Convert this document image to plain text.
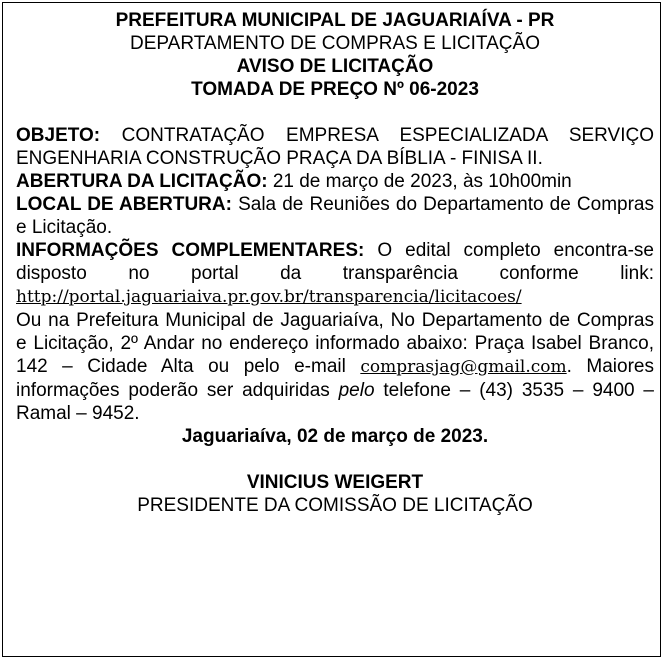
PREFEITURA MUNICIPAL DE JAGUARIAÍVA - PR

DEPARTAMENTO DE COMPRAS E LICITAÇÃO

AVISO DE LICITAÇÃO

TOMADA DE PREÇO Nº 06-2023

OBJETO: CONTRATAÇÃO EMPRESA ESPECIALIZADA SERVIÇO ENGENHARIA CONSTRUÇÃO PRAÇA DA BÍBLIA - FINISA II.

ABERTURA DA LICITAÇÃO: 21 de março de 2023, às 10h00min

LOCAL DE ABERTURA: Sala de Reuniões do Departamento de Compras e Licitação.

INFORMAÇÕES COMPLEMENTARES: O edital completo encontra-se disposto no portal da transparência conforme link:

http://portal.jaguariaiva.pr.gov.br/transparencia/licitacoes/

Ou na Prefeitura Municipal de Jaguariaíva, No Departamento de Compras e Licitação, 2º Andar no endereço informado abaixo: Praça Isabel Branco, 142 – Cidade Alta ou pelo e-mail comprasjag@gmail.com. Maiores informações poderão ser adquiridas pelo telefone – (43) 3535 – 9400 – Ramal – 9452.

Jaguariaíva, 02 de março de 2023.

VINICIUS WEIGERT

PRESIDENTE DA COMISSÃO DE LICITAÇÃO
